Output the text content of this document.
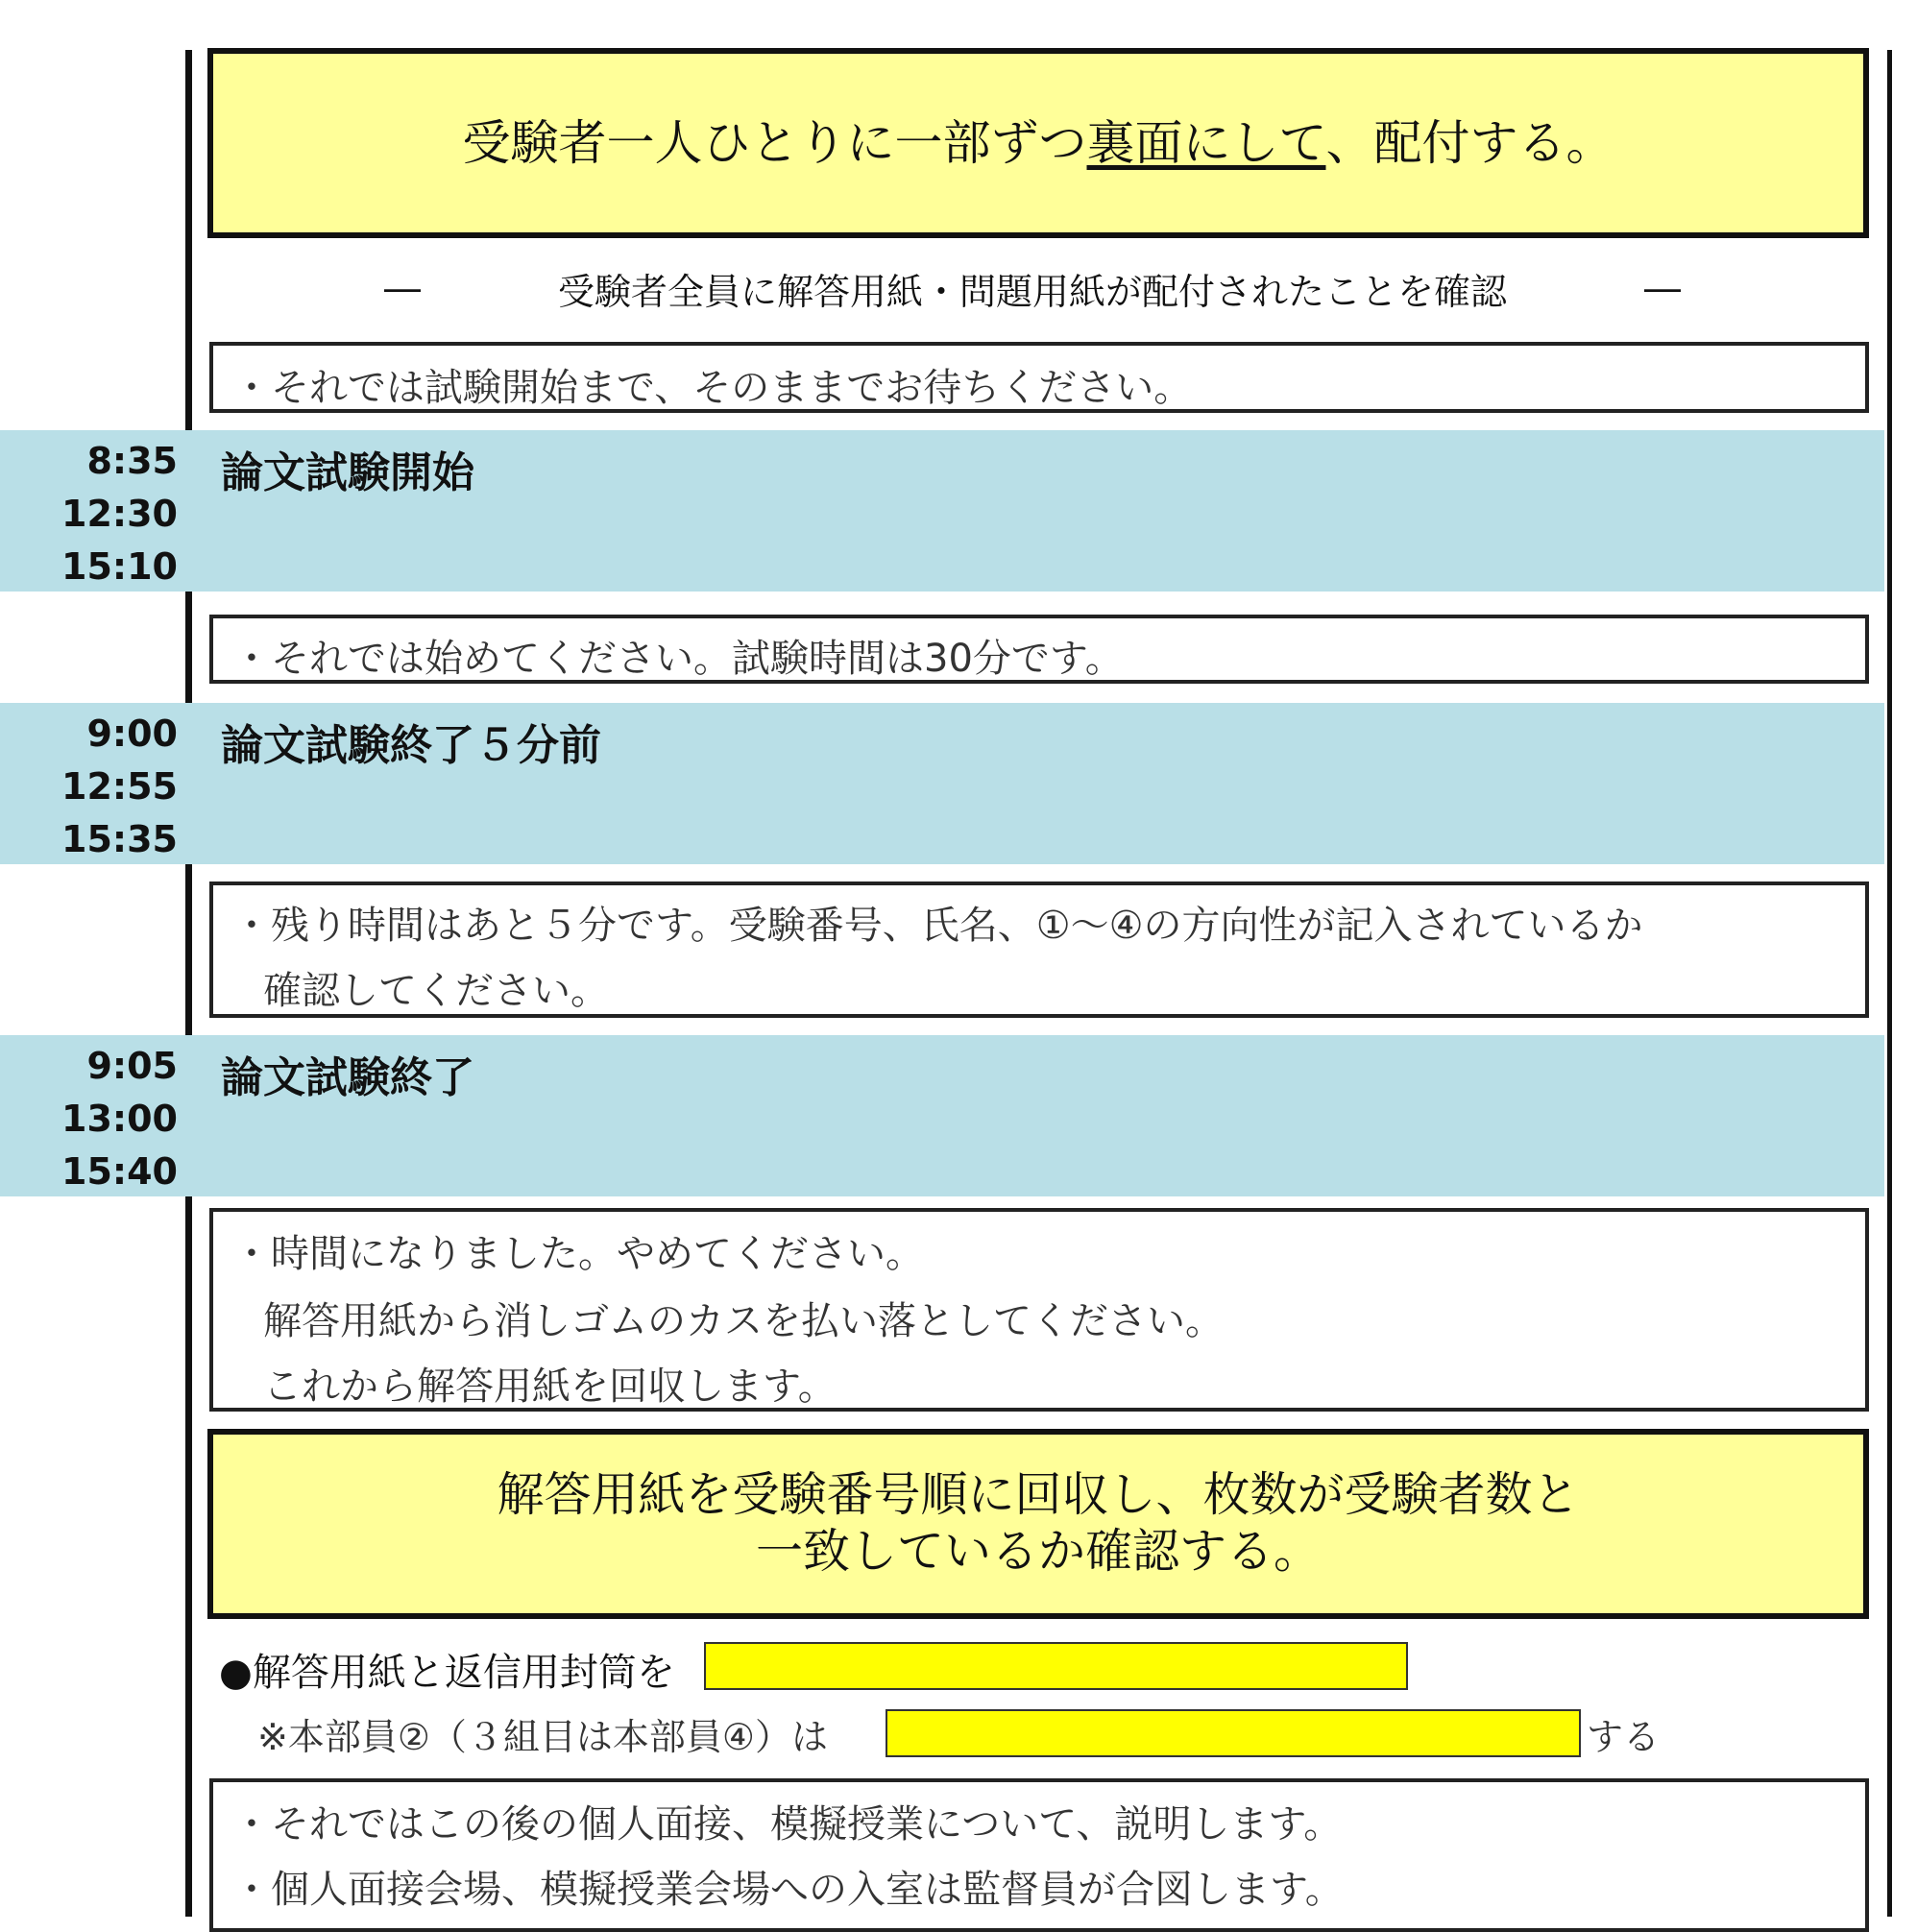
受験者一人ひとりに一部ずつ裏面にして、配付する。
―	受験者全員に解答用紙・問題用紙が配付されたことを確認	―
・それでは試験開始まで、そのままでお待ちください。
8:35
12:30
15:10
論文試験開始
・それでは始めてください。試験時間は30分です。
9:00
12:55
15:35
論文試験終了５分前
・残り時間はあと５分です。受験番号、氏名、①～④の方向性が記入されているか
確認してください。
9:05
13:00
15:40
論文試験終了
・時間になりました。やめてください。
解答用紙から消しゴムのカスを払い落としてください。
これから解答用紙を回収します。
解答用紙を受験番号順に回収し、枚数が受験者数と
一致しているか確認する。
●解答用紙と返信用封筒を
※本部員②（３組目は本部員④）は	する
・それではこの後の個人面接、模擬授業について、説明します。
・個人面接会場、模擬授業会場への入室は監督員が合図します。
